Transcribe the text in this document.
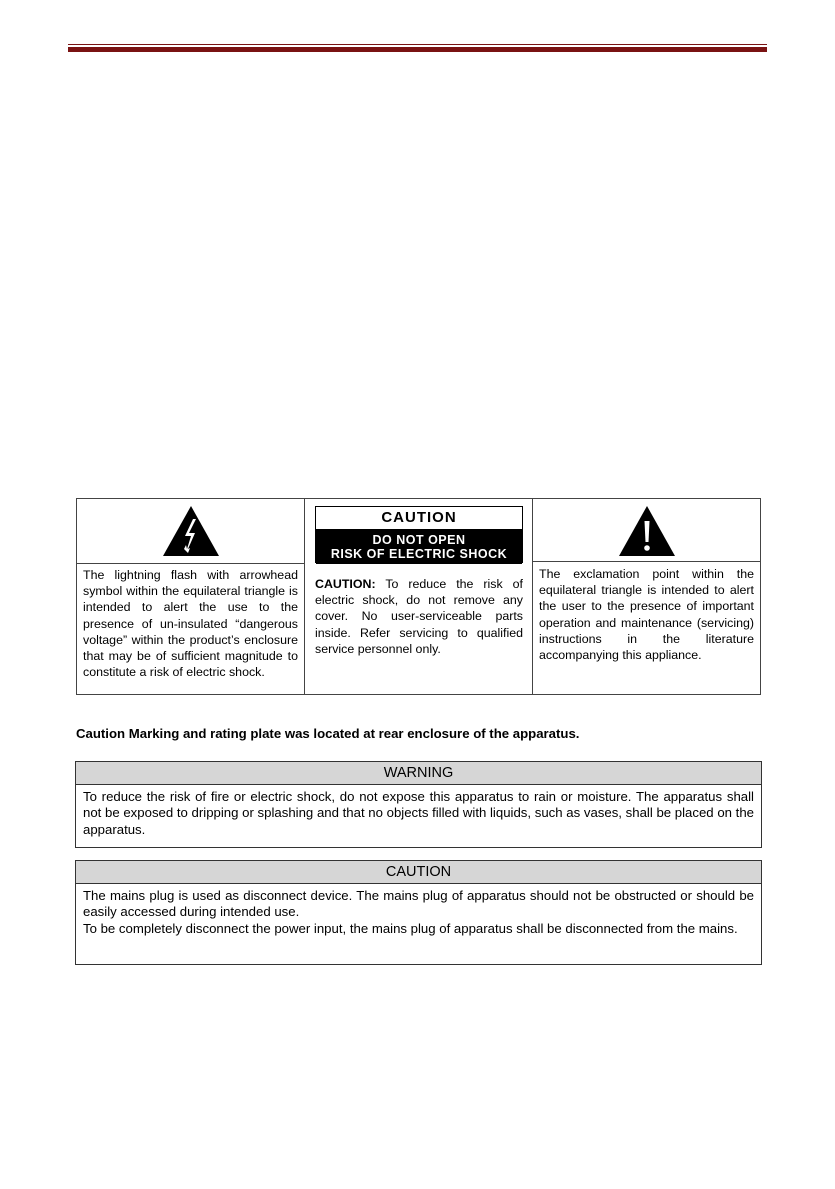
The lightning flash with arrowhead symbol within the equilateral triangle is intended to alert the use to the presence of un-insulated “dangerous voltage” within the product’s enclosure that may be of sufficient magnitude to constitute a risk of electric shock.

CAUTION
DO NOT OPEN
RISK OF ELECTRIC SHOCK
CAUTION: To reduce the risk of electric shock, do not remove any cover. No user-serviceable parts inside. Refer servicing to qualified service personnel only.

The exclamation point within the equilateral triangle is intended to alert the user to the presence of important operation and maintenance (servicing) instructions in the literature accompanying this appliance.
Caution Marking and rating plate was located at rear enclosure of the apparatus.
WARNING
To reduce the risk of fire or electric shock, do not expose this apparatus to rain or moisture. The apparatus shall not be exposed to dripping or splashing and that no objects filled with liquids, such as vases, shall be placed on the apparatus.
CAUTION
The mains plug is used as disconnect device. The mains plug of apparatus should not be obstructed or should be easily accessed during intended use.
To be completely disconnect the power input, the mains plug of apparatus shall be disconnected from the mains.
